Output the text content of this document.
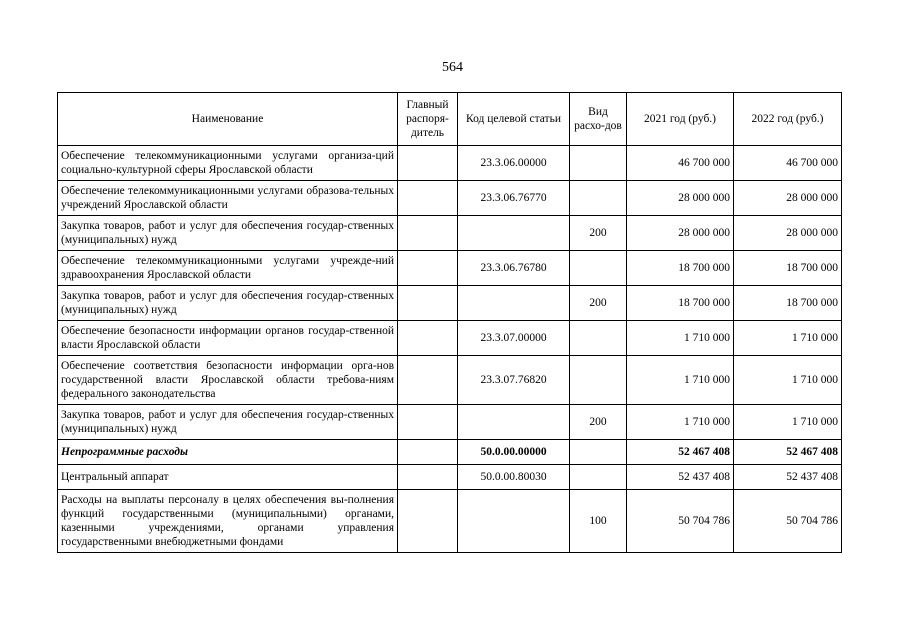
564
Наименование	Главный распоря-дитель	Код целевой статьи	Вид расхо-дов	2021 год (руб.)	2022 год (руб.)
Обеспечение телекоммуникационными услугами организа-ций социально-культурной сферы Ярославской области		23.3.06.00000		46 700 000	46 700 000
Обеспечение телекоммуникационными услугами образова-тельных учреждений Ярославской области		23.3.06.76770		28 000 000	28 000 000
Закупка товаров, работ и услуг для обеспечения государ-ственных (муниципальных) нужд			200	28 000 000	28 000 000
Обеспечение телекоммуникационными услугами учрежде-ний здравоохранения Ярославской области		23.3.06.76780		18 700 000	18 700 000
Закупка товаров, работ и услуг для обеспечения государ-ственных (муниципальных) нужд			200	18 700 000	18 700 000
Обеспечение безопасности информации органов государ-ственной власти Ярославской области		23.3.07.00000		1 710 000	1 710 000
Обеспечение соответствия безопасности информации орга-нов государственной власти Ярославской области требова-ниям федерального законодательства		23.3.07.76820		1 710 000	1 710 000
Закупка товаров, работ и услуг для обеспечения государ-ственных (муниципальных) нужд			200	1 710 000	1 710 000
Непрограммные расходы		50.0.00.00000		52 467 408	52 467 408
Центральный аппарат		50.0.00.80030		52 437 408	52 437 408
Расходы на выплаты персоналу в целях обеспечения вы-полнения функций государственными (муниципальными) органами, казенными учреждениями, органами управления государственными внебюджетными фондами			100	50 704 786	50 704 786
